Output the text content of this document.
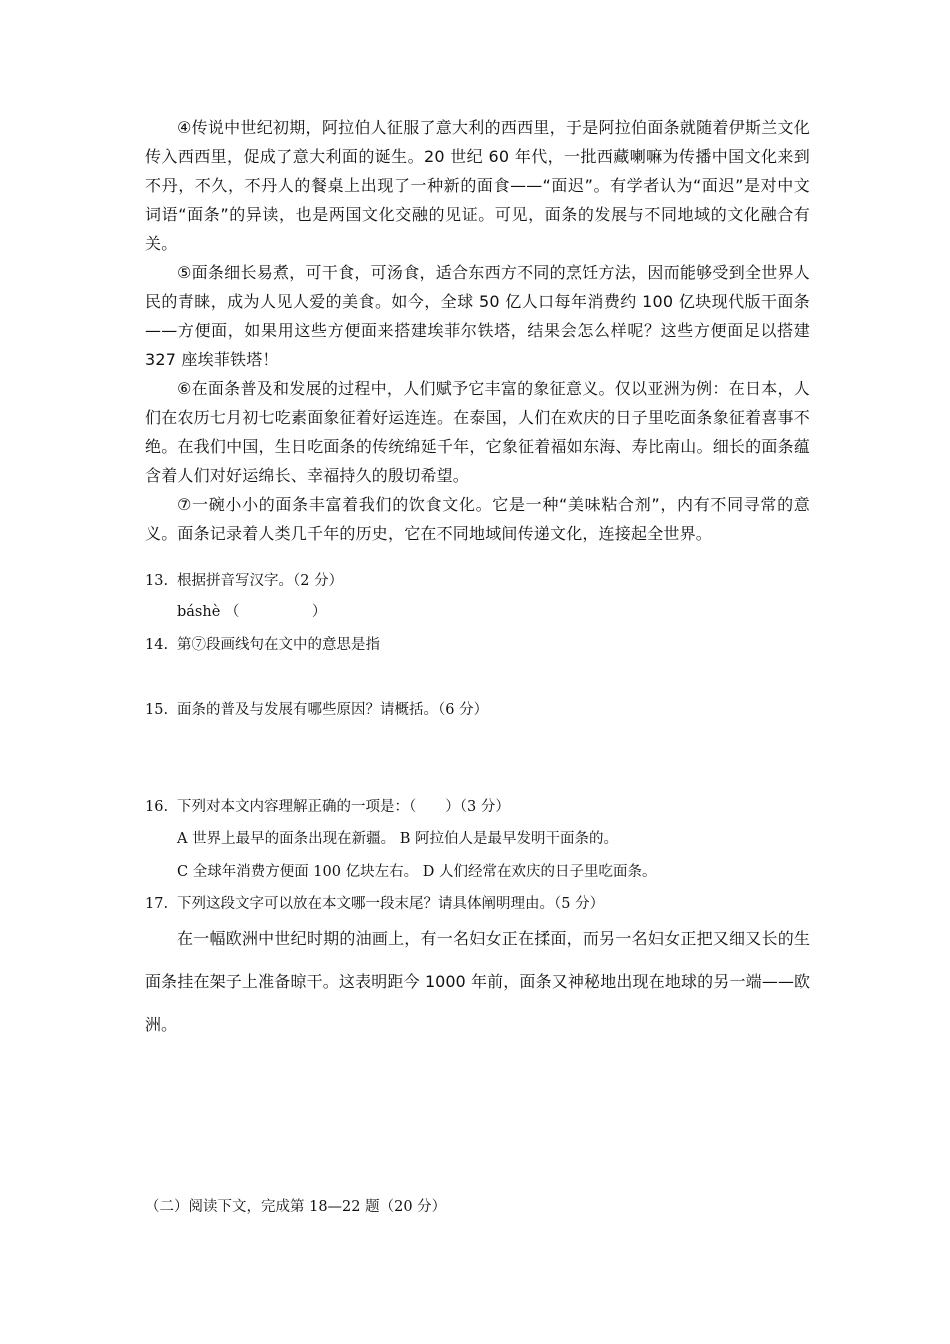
④传说中世纪初期，阿拉伯人征服了意大利的西西里，于是阿拉伯面条就随着伊斯兰文化传入西西里，促成了意大利面的诞生。20 世纪 60 年代，一批西藏喇嘛为传播中国文化来到不丹，不久，不丹人的餐桌上出现了一种新的面食——“面迟”。有学者认为“面迟”是对中文词语“面条”的异读，也是两国文化交融的见证。可见，面条的发展与不同地域的文化融合有关。

⑤面条细长易煮，可干食，可汤食，适合东西方不同的烹饪方法，因而能够受到全世界人民的青睐，成为人见人爱的美食。如今，全球 50 亿人口每年消费约 100 亿块现代版干面条——方便面，如果用这些方便面来搭建埃菲尔铁塔，结果会怎么样呢？这些方便面足以搭建 327 座埃菲铁塔！

⑥在面条普及和发展的过程中，人们赋予它丰富的象征意义。仅以亚洲为例：在日本，人们在农历七月初七吃素面象征着好运连连。在泰国，人们在欢庆的日子里吃面条象征着喜事不绝。在我们中国，生日吃面条的传统绵延千年，它象征着福如东海、寿比南山。细长的面条蕴含着人们对好运绵长、幸福持久的殷切希望。

⑦一碗小小的面条丰富着我们的饮食文化。它是一种“美味粘合剂”，内有不同寻常的意义。面条记录着人类几千年的历史，它在不同地域间传递文化，连接起全世界。

13. 根据拼音写汉字。（2 分）

báshè （　　　　　）

14. 第⑦段画线句在文中的意思是指

15. 面条的普及与发展有哪些原因？请概括。（6 分）

16. 下列对本文内容理解正确的一项是：（　　）（3 分）

A 世界上最早的面条出现在新疆。 B 阿拉伯人是最早发明干面条的。

C 全球年消费方便面 100 亿块左右。 D 人们经常在欢庆的日子里吃面条。

17. 下列这段文字可以放在本文哪一段末尾？请具体阐明理由。（5 分）

在一幅欧洲中世纪时期的油画上，有一名妇女正在揉面，而另一名妇女正把又细又长的生面条挂在架子上准备晾干。这表明距今 1000 年前，面条又神秘地出现在地球的另一端——欧洲。

（二）阅读下文，完成第 18—22 题（20 分）
